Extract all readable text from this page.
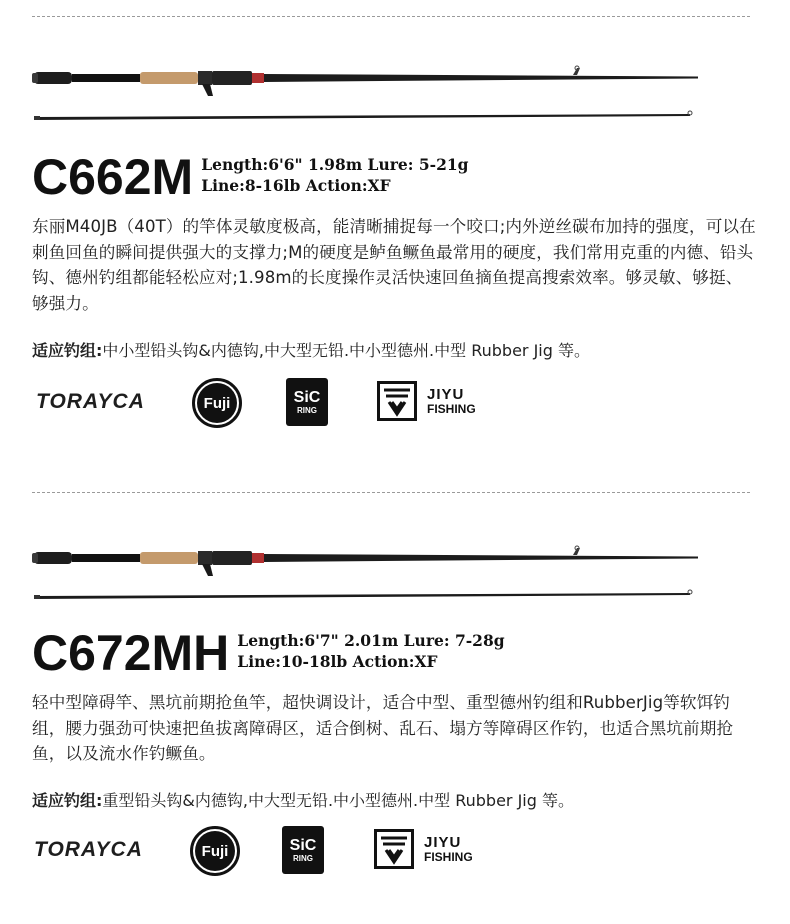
C662M Length:6'6" 1.98m Lure: 5-21g
Line:8-16lb Action:XF
东丽M40JB（40T）的竿体灵敏度极高，能清晰捕捉每一个咬口;内外逆丝碳布加持的强度，可以在刺鱼回鱼的瞬间提供强大的支撑力;M的硬度是鲈鱼鳜鱼最常用的硬度，我们常用克重的内德、铅头钩、德州钓组都能轻松应对;1.98m的长度操作灵活快速回鱼摘鱼提高搜索效率。够灵敏、够挺、够强力。
适应钓组:中小型铅头钩&内德钩,中大型无铅.中小型德州.中型 Rubber Jig 等。
TORAYCA	Fuji	SiC
RING
JIYU
FISHING
C672MH Length:6'7" 2.01m Lure: 7-28g
Line:10-18lb Action:XF
轻中型障碍竿、黑坑前期抢鱼竿，超快调设计，适合中型、重型德州钓组和RubberJig等软饵钓组，腰力强劲可快速把鱼拔离障碍区，适合倒树、乱石、塌方等障碍区作钓，也适合黑坑前期抢鱼，以及流水作钓鳜鱼。
适应钓组:重型铅头钩&内德钩,中大型无铅.中小型德州.中型 Rubber Jig 等。
TORAYCA	Fuji	SiC
RING
JIYU
FISHING
